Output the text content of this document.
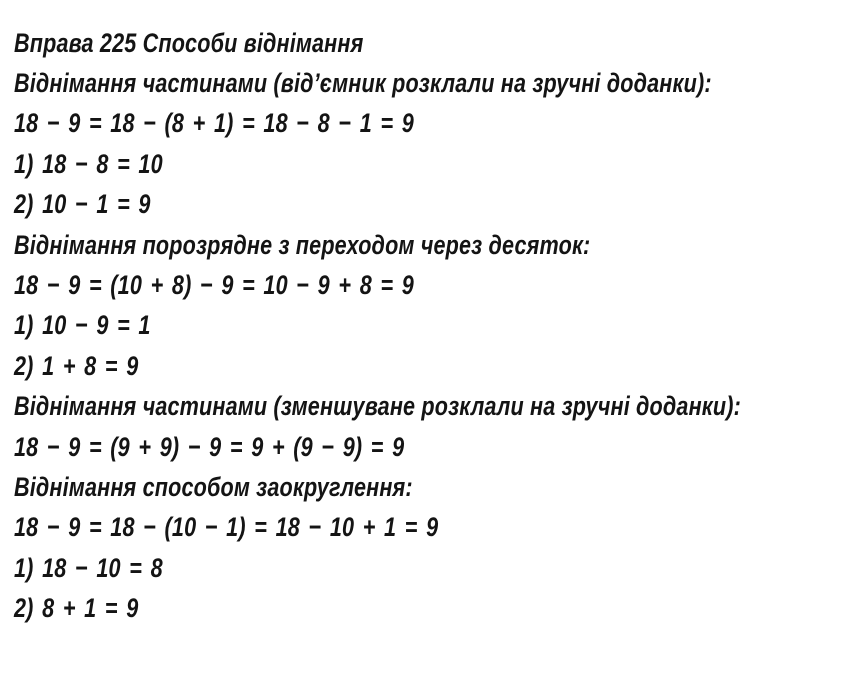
Вправа 225 Способи віднімання
Віднімання частинами (від’ємник розклали на зручні доданки):
18 − 9 = 18 − (8 + 1) = 18 − 8 − 1 = 9
1) 18 − 8 = 10
2) 10 − 1 = 9
Віднімання порозрядне з переходом через десяток:
18 − 9 = (10 + 8) − 9 = 10 − 9 + 8 = 9
1) 10 − 9 = 1
2) 1 + 8 = 9
Віднімання частинами (зменшуване розклали на зручні доданки):
18 − 9 = (9 + 9) − 9 = 9 + (9 − 9) = 9
Віднімання способом заокруглення:
18 − 9 = 18 − (10 − 1) = 18 − 10 + 1 = 9
1) 18 − 10 = 8
2) 8 + 1 = 9
